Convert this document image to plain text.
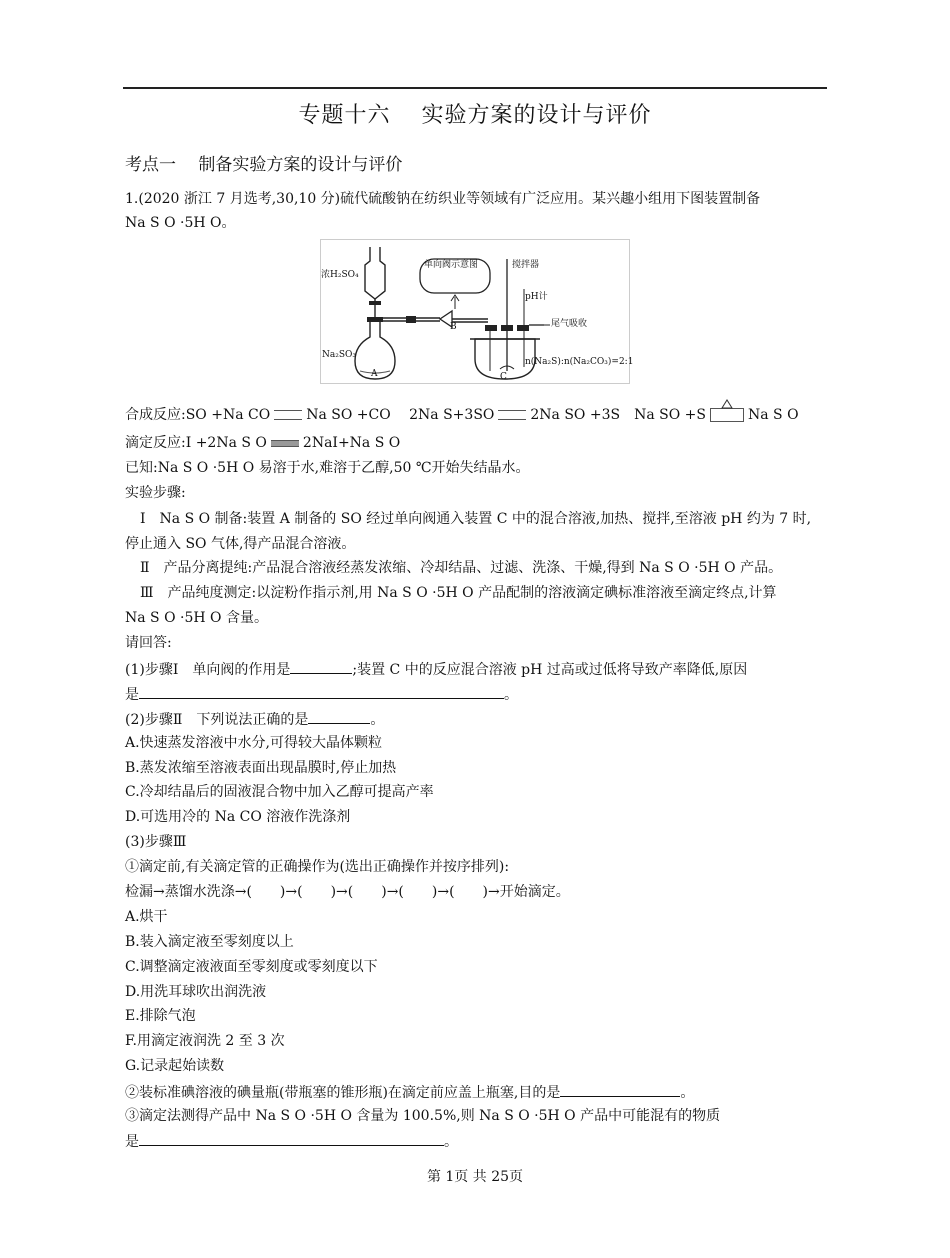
专题十六　 实验方案的设计与评价
考点一　 制备实验方案的设计与评价
1.(2020 浙江 7 月选考,30,10 分)硫代硫酸钠在纺织业等领域有广泛应用。某兴趣小组用下图装置制备
Na S O ·5H O。
浓H₂SO₄
单向阀示意图	搅拌器
pH计
尾气吸收
Na₂SO₃
A
B
C
n(Na₂S):n(Na₂CO₃)=2:1
合成反应:SO +Na CO	Na SO +CO 　2Na S+3SO	2Na SO +3S　Na SO +S	Na S O
滴定反应:I +2Na S O	2NaI+Na S O
已知:Na S O ·5H O 易溶于水,难溶于乙醇,50 ℃开始失结晶水。
实验步骤:
Ⅰ　Na S O 制备:装置 A 制备的 SO 经过单向阀通入装置 C 中的混合溶液,加热、搅拌,至溶液 pH 约为 7 时,
停止通入 SO 气体,得产品混合溶液。
Ⅱ　产品分离提纯:产品混合溶液经蒸发浓缩、冷却结晶、过滤、洗涤、干燥,得到 Na S O ·5H O 产品。
Ⅲ　产品纯度测定:以淀粉作指示剂,用 Na S O ·5H O 产品配制的溶液滴定碘标准溶液至滴定终点,计算
Na S O ·5H O 含量。
请回答:
(1)步骤Ⅰ　单向阀的作用是	;装置 C 中的反应混合溶液 pH 过高或过低将导致产率降低,原因
是	。
(2)步骤Ⅱ　下列说法正确的是	。
A.快速蒸发溶液中水分,可得较大晶体颗粒
B.蒸发浓缩至溶液表面出现晶膜时,停止加热
C.冷却结晶后的固液混合物中加入乙醇可提高产率
D.可选用冷的 Na CO 溶液作洗涤剂
(3)步骤Ⅲ
①滴定前,有关滴定管的正确操作为(选出正确操作并按序排列):
检漏→蒸馏水洗涤→(　　)→(　　)→(　　)→(　　)→(　　)→开始滴定。
A.烘干
B.装入滴定液至零刻度以上
C.调整滴定液液面至零刻度或零刻度以下
D.用洗耳球吹出润洗液
E.排除气泡
F.用滴定液润洗 2 至 3 次
G.记录起始读数
②装标准碘溶液的碘量瓶(带瓶塞的锥形瓶)在滴定前应盖上瓶塞,目的是	。
③滴定法测得产品中 Na S O ·5H O 含量为 100.5%,则 Na S O ·5H O 产品中可能混有的物质
是	。
第 1页 共 25页
